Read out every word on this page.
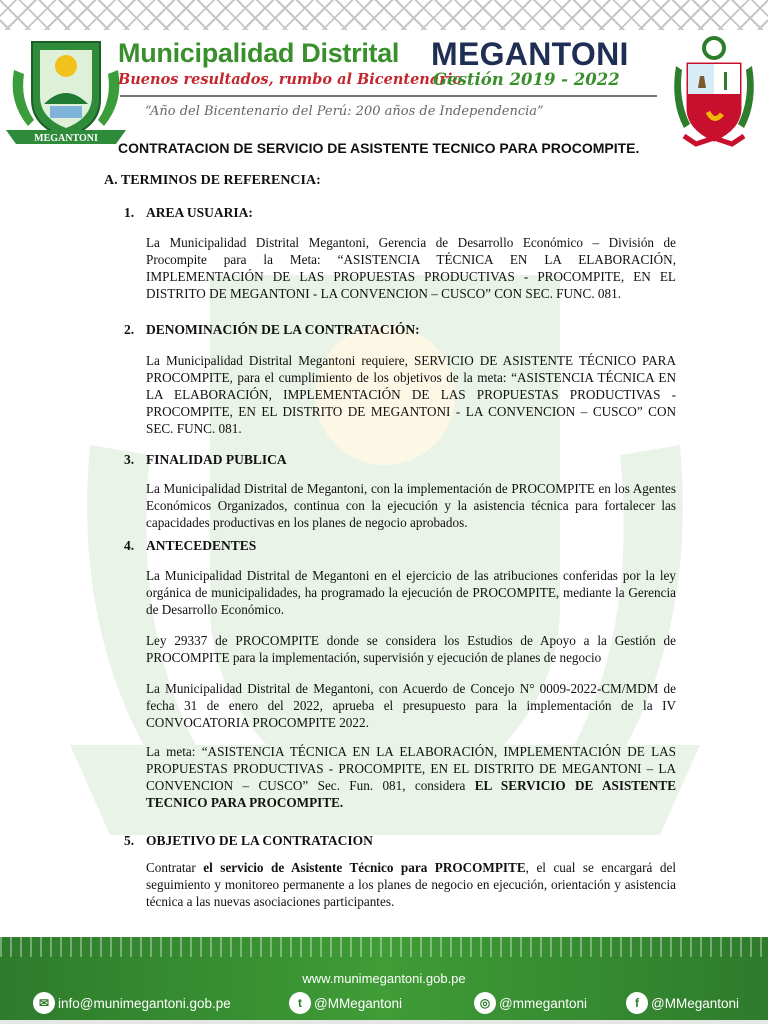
MEGANTONI
Municipalidad Distrital MEGANTONI
Buenos resultados, rumbo al Bicentenario
Gestión 2019 - 2022
“Año del Bicentenario del Perú: 200 años de Independencia”
CONTRATACION DE SERVICIO DE ASISTENTE TECNICO PARA PROCOMPITE.
A. TERMINOS DE REFERENCIA:
1. AREA USUARIA:

La Municipalidad Distrital Megantoni, Gerencia de Desarrollo Económico – División de Procompite para la Meta: “ASISTENCIA TÉCNICA EN LA ELABORACIÓN, IMPLEMENTACIÓN DE LAS PROPUESTAS PRODUCTIVAS - PROCOMPITE, EN EL DISTRITO DE MEGANTONI - LA CONVENCION – CUSCO” CON SEC. FUNC. 081.

2. DENOMINACIÓN DE LA CONTRATACIÓN:

La Municipalidad Distrital Megantoni requiere, SERVICIO DE ASISTENTE TÉCNICO PARA PROCOMPITE, para el cumplimiento de los objetivos de la meta: “ASISTENCIA TÉCNICA EN LA ELABORACIÓN, IMPLEMENTACIÓN DE LAS PROPUESTAS PRODUCTIVAS - PROCOMPITE, EN EL DISTRITO DE MEGANTONI - LA CONVENCION – CUSCO” CON SEC. FUNC. 081.

3. FINALIDAD PUBLICA

La Municipalidad Distrital de Megantoni, con la implementación de PROCOMPITE en los Agentes Económicos Organizados, continua con la ejecución y la asistencia técnica para fortalecer las capacidades productivas en los planes de negocio aprobados.

4. ANTECEDENTES

La Municipalidad Distrital de Megantoni en el ejercicio de las atribuciones conferidas por la ley orgánica de municipalidades, ha programado la ejecución de PROCOMPITE, mediante la Gerencia de Desarrollo Económico.

Ley 29337 de PROCOMPITE donde se considera los Estudios de Apoyo a la Gestión de PROCOMPITE para la implementación, supervisión y ejecución de planes de negocio

La Municipalidad Distrital de Megantoni, con Acuerdo de Concejo N° 0009-2022-CM/MDM de fecha 31 de enero del 2022, aprueba el presupuesto para la implementación de la IV CONVOCATORIA PROCOMPITE 2022.

La meta: “ASISTENCIA TÉCNICA EN LA ELABORACIÓN, IMPLEMENTACIÓN DE LAS PROPUESTAS PRODUCTIVAS - PROCOMPITE, EN EL DISTRITO DE MEGANTONI – LA CONVENCION – CUSCO” Sec. Fun. 081, considera EL SERVICIO DE ASISTENTE TECNICO PARA PROCOMPITE.

5. OBJETIVO DE LA CONTRATACION

Contratar el servicio de Asistente Técnico para PROCOMPITE, el cual se encargará del seguimiento y monitoreo permanente a los planes de negocio en ejecución, orientación y asistencia técnica a las nuevas asociaciones participantes.

www.munimegantoni.gob.pe
✉ info@munimegantoni.gob.pe	t @MMegantoni	◎ @mmegantoni	f @MMegantoni
